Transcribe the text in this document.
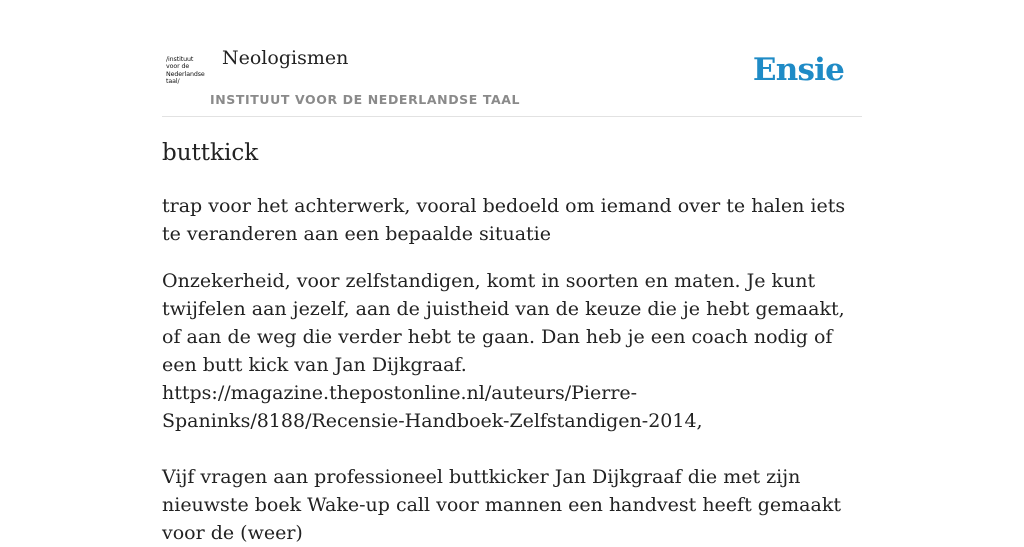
/instituut
voor de
Nederlandse
taal/
Neologismen
INSTITUUT VOOR DE NEDERLANDSE TAAL
Ensie
buttkick

trap voor het achterwerk, vooral bedoeld om iemand over te halen iets te veranderen aan een bepaalde situatie

Onzekerheid, voor zelfstandigen, komt in soorten en maten. Je kunt twijfelen aan jezelf, aan de juistheid van de keuze die je hebt gemaakt, of aan de weg die verder hebt te gaan. Dan heb je een coach nodig of een butt kick van Jan Dijkgraaf.
https://magazine.thepostonline.nl/auteurs/Pierre-Spaninks/8188/Recensie-Handboek-Zelfstandigen-2014,

Vijf vragen aan professioneel buttkicker Jan Dijkgraaf die met zijn nieuwste boek Wake-up call voor mannen een handvest heeft gemaakt voor de (weer)
